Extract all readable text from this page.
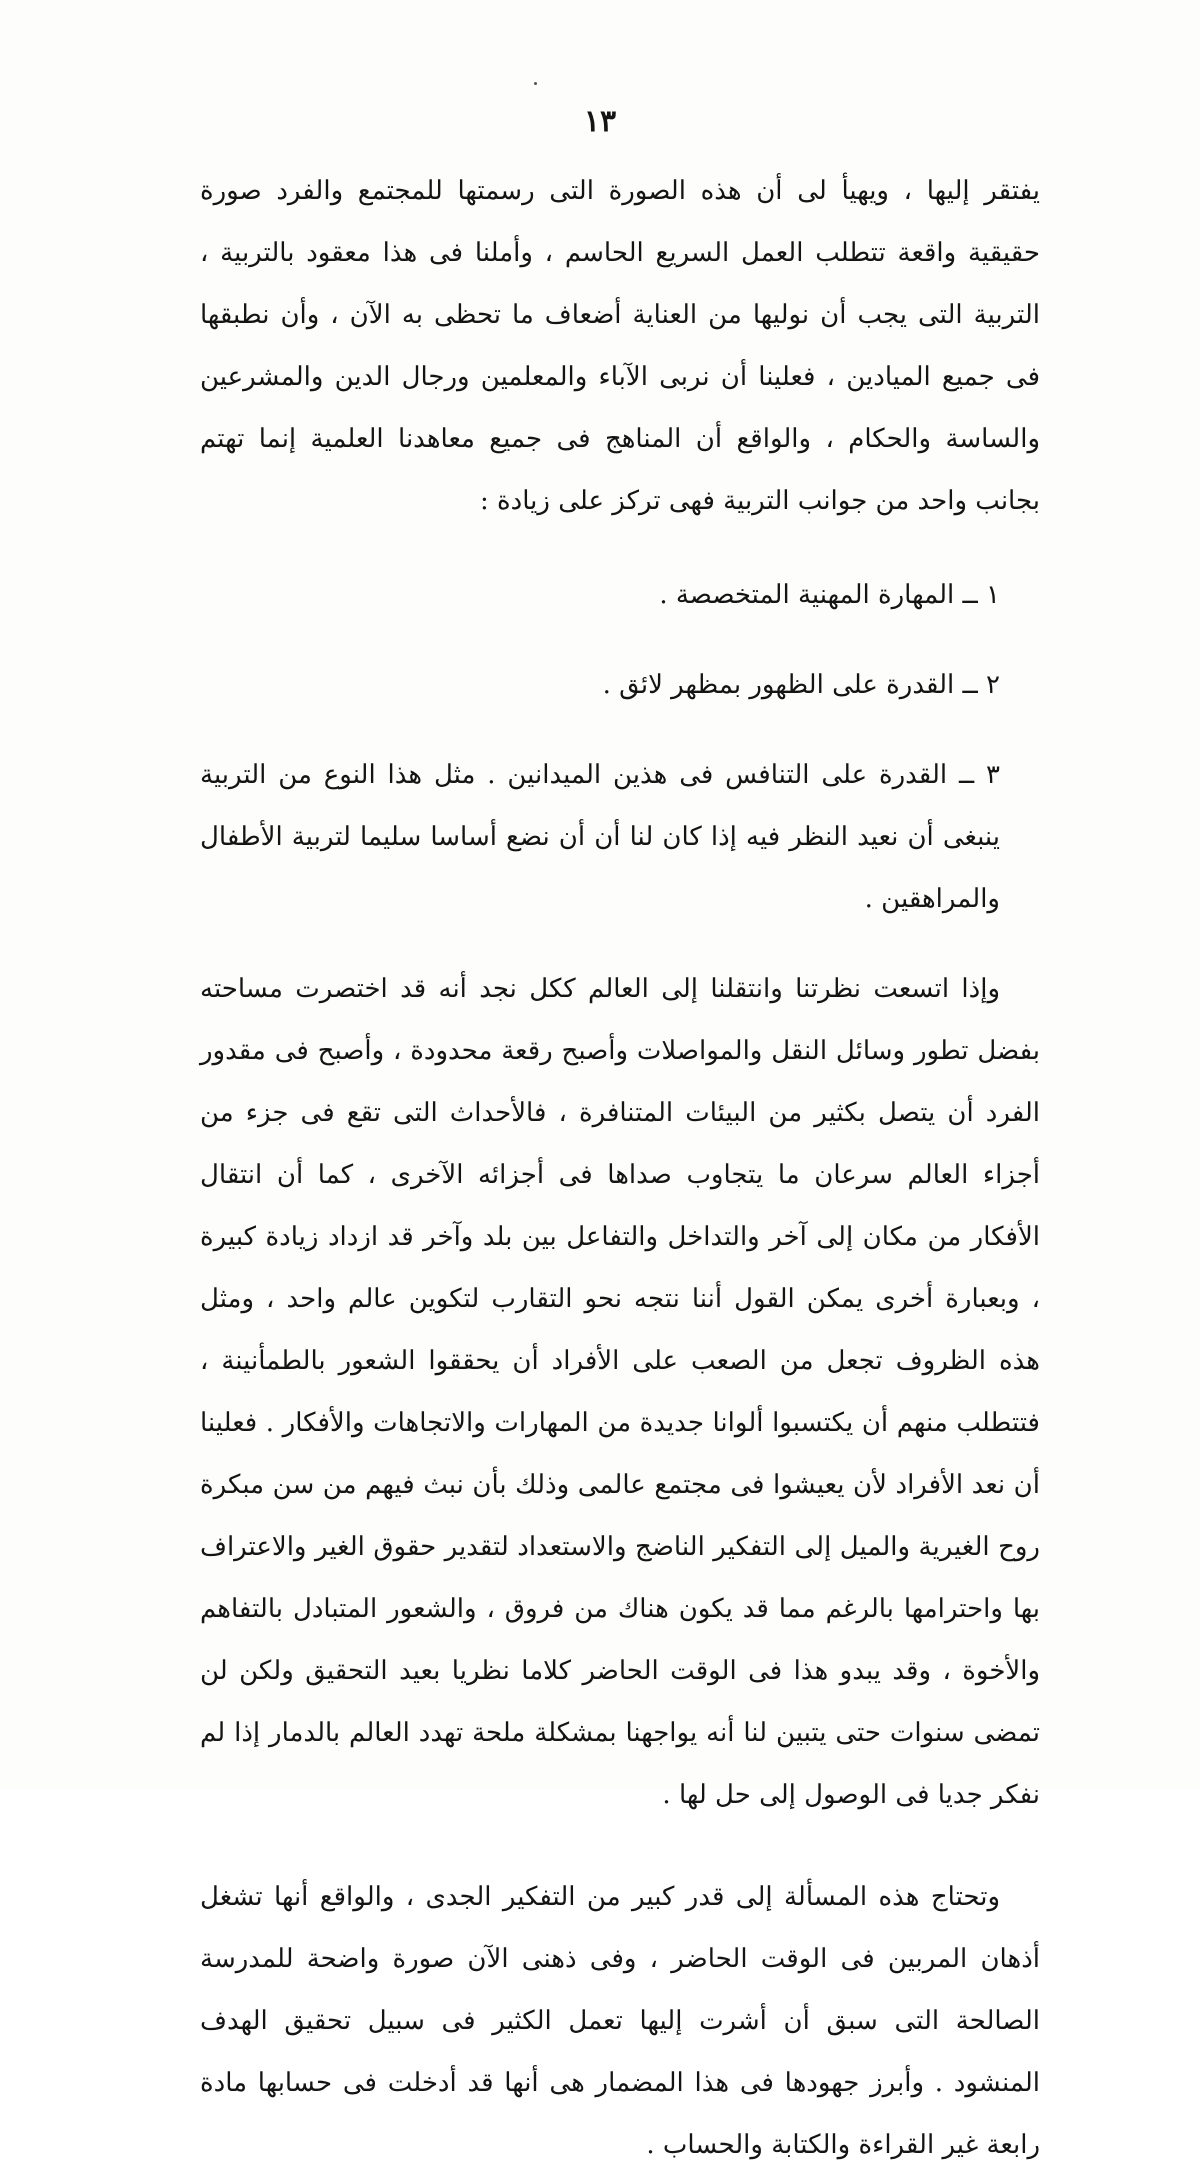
١٣

يفتقر إليها ، ويهيأ لى أن هذه الصورة التى رسمتها للمجتمع والفرد صورة حقيقية واقعة تتطلب العمل السريع الحاسم ، وأملنا فى هذا معقود بالتربية ، التربية التى يجب أن نوليها من العناية أضعاف ما تحظى به الآن ، وأن نطبقها فى جميع الميادين ، فعلينا أن نربى الآباء والمعلمين ورجال الدين والمشرعين والساسة والحكام ، والواقع أن المناهج فى جميع معاهدنا العلمية إنما تهتم بجانب واحد من جوانب التربية فهى تركز على زيادة :

١ ــ المهارة المهنية المتخصصة .

٢ ــ القدرة على الظهور بمظهر لائق .

٣ ــ القدرة على التنافس فى هذين الميدانين . مثل هذا النوع من التربية ينبغى أن نعيد النظر فيه إذا كان لنا أن أن نضع أساسا سليما لتربية الأطفال والمراهقين .

وإذا اتسعت نظرتنا وانتقلنا إلى العالم ككل نجد أنه قد اختصرت مساحته بفضل تطور وسائل النقل والمواصلات وأصبح رقعة محدودة ، وأصبح فى مقدور الفرد أن يتصل بكثير من البيئات المتنافرة ، فالأحداث التى تقع فى جزء من أجزاء العالم سرعان ما يتجاوب صداها فى أجزائه الآخرى ، كما أن انتقال الأفكار من مكان إلى آخر والتداخل والتفاعل بين بلد وآخر قد ازداد زيادة كبيرة ، وبعبارة أخرى يمكن القول أننا نتجه نحو التقارب لتكوين عالم واحد ، ومثل هذه الظروف تجعل من الصعب على الأفراد أن يحققوا الشعور بالطمأنينة ، فتتطلب منهم أن يكتسبوا ألوانا جديدة من المهارات والاتجاهات والأفكار . فعلينا أن نعد الأفراد لأن يعيشوا فى مجتمع عالمى وذلك بأن نبث فيهم من سن مبكرة روح الغيرية والميل إلى التفكير الناضج والاستعداد لتقدير حقوق الغير والاعتراف بها واحترامها بالرغم مما قد يكون هناك من فروق ، والشعور المتبادل بالتفاهم والأخوة ، وقد يبدو هذا فى الوقت الحاضر كلاما نظريا بعيد التحقيق ولكن لن تمضى سنوات حتى يتبين لنا أنه يواجهنا بمشكلة ملحة تهدد العالم بالدمار إذا لم نفكر جديا فى الوصول إلى حل لها .

وتحتاج هذه المسألة إلى قدر كبير من التفكير الجدى ، والواقع أنها تشغل أذهان المربين فى الوقت الحاضر ، وفى ذهنى الآن صورة واضحة للمدرسة الصالحة التى سبق أن أشرت إليها تعمل الكثير فى سبيل تحقيق الهدف المنشود . وأبرز جهودها فى هذا المضمار هى أنها قد أدخلت فى حسابها مادة رابعة غير القراءة والكتابة والحساب .
